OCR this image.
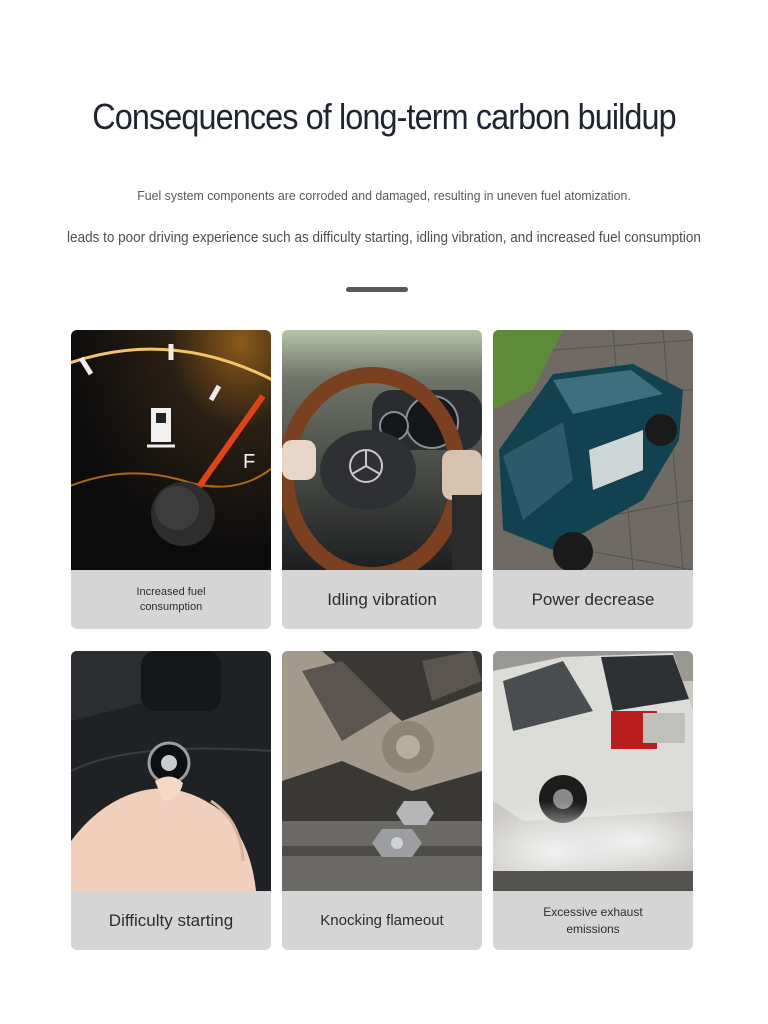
Consequences of long-term carbon buildup
Fuel system components are corroded and damaged, resulting in uneven fuel atomization.
leads to poor driving experience such as difficulty starting, idling vibration, and increased fuel consumption
F
Increased fuel consumption	Idling vibration	Power decrease
Difficulty starting	Knocking flameout
Excessive exhaust emissions
